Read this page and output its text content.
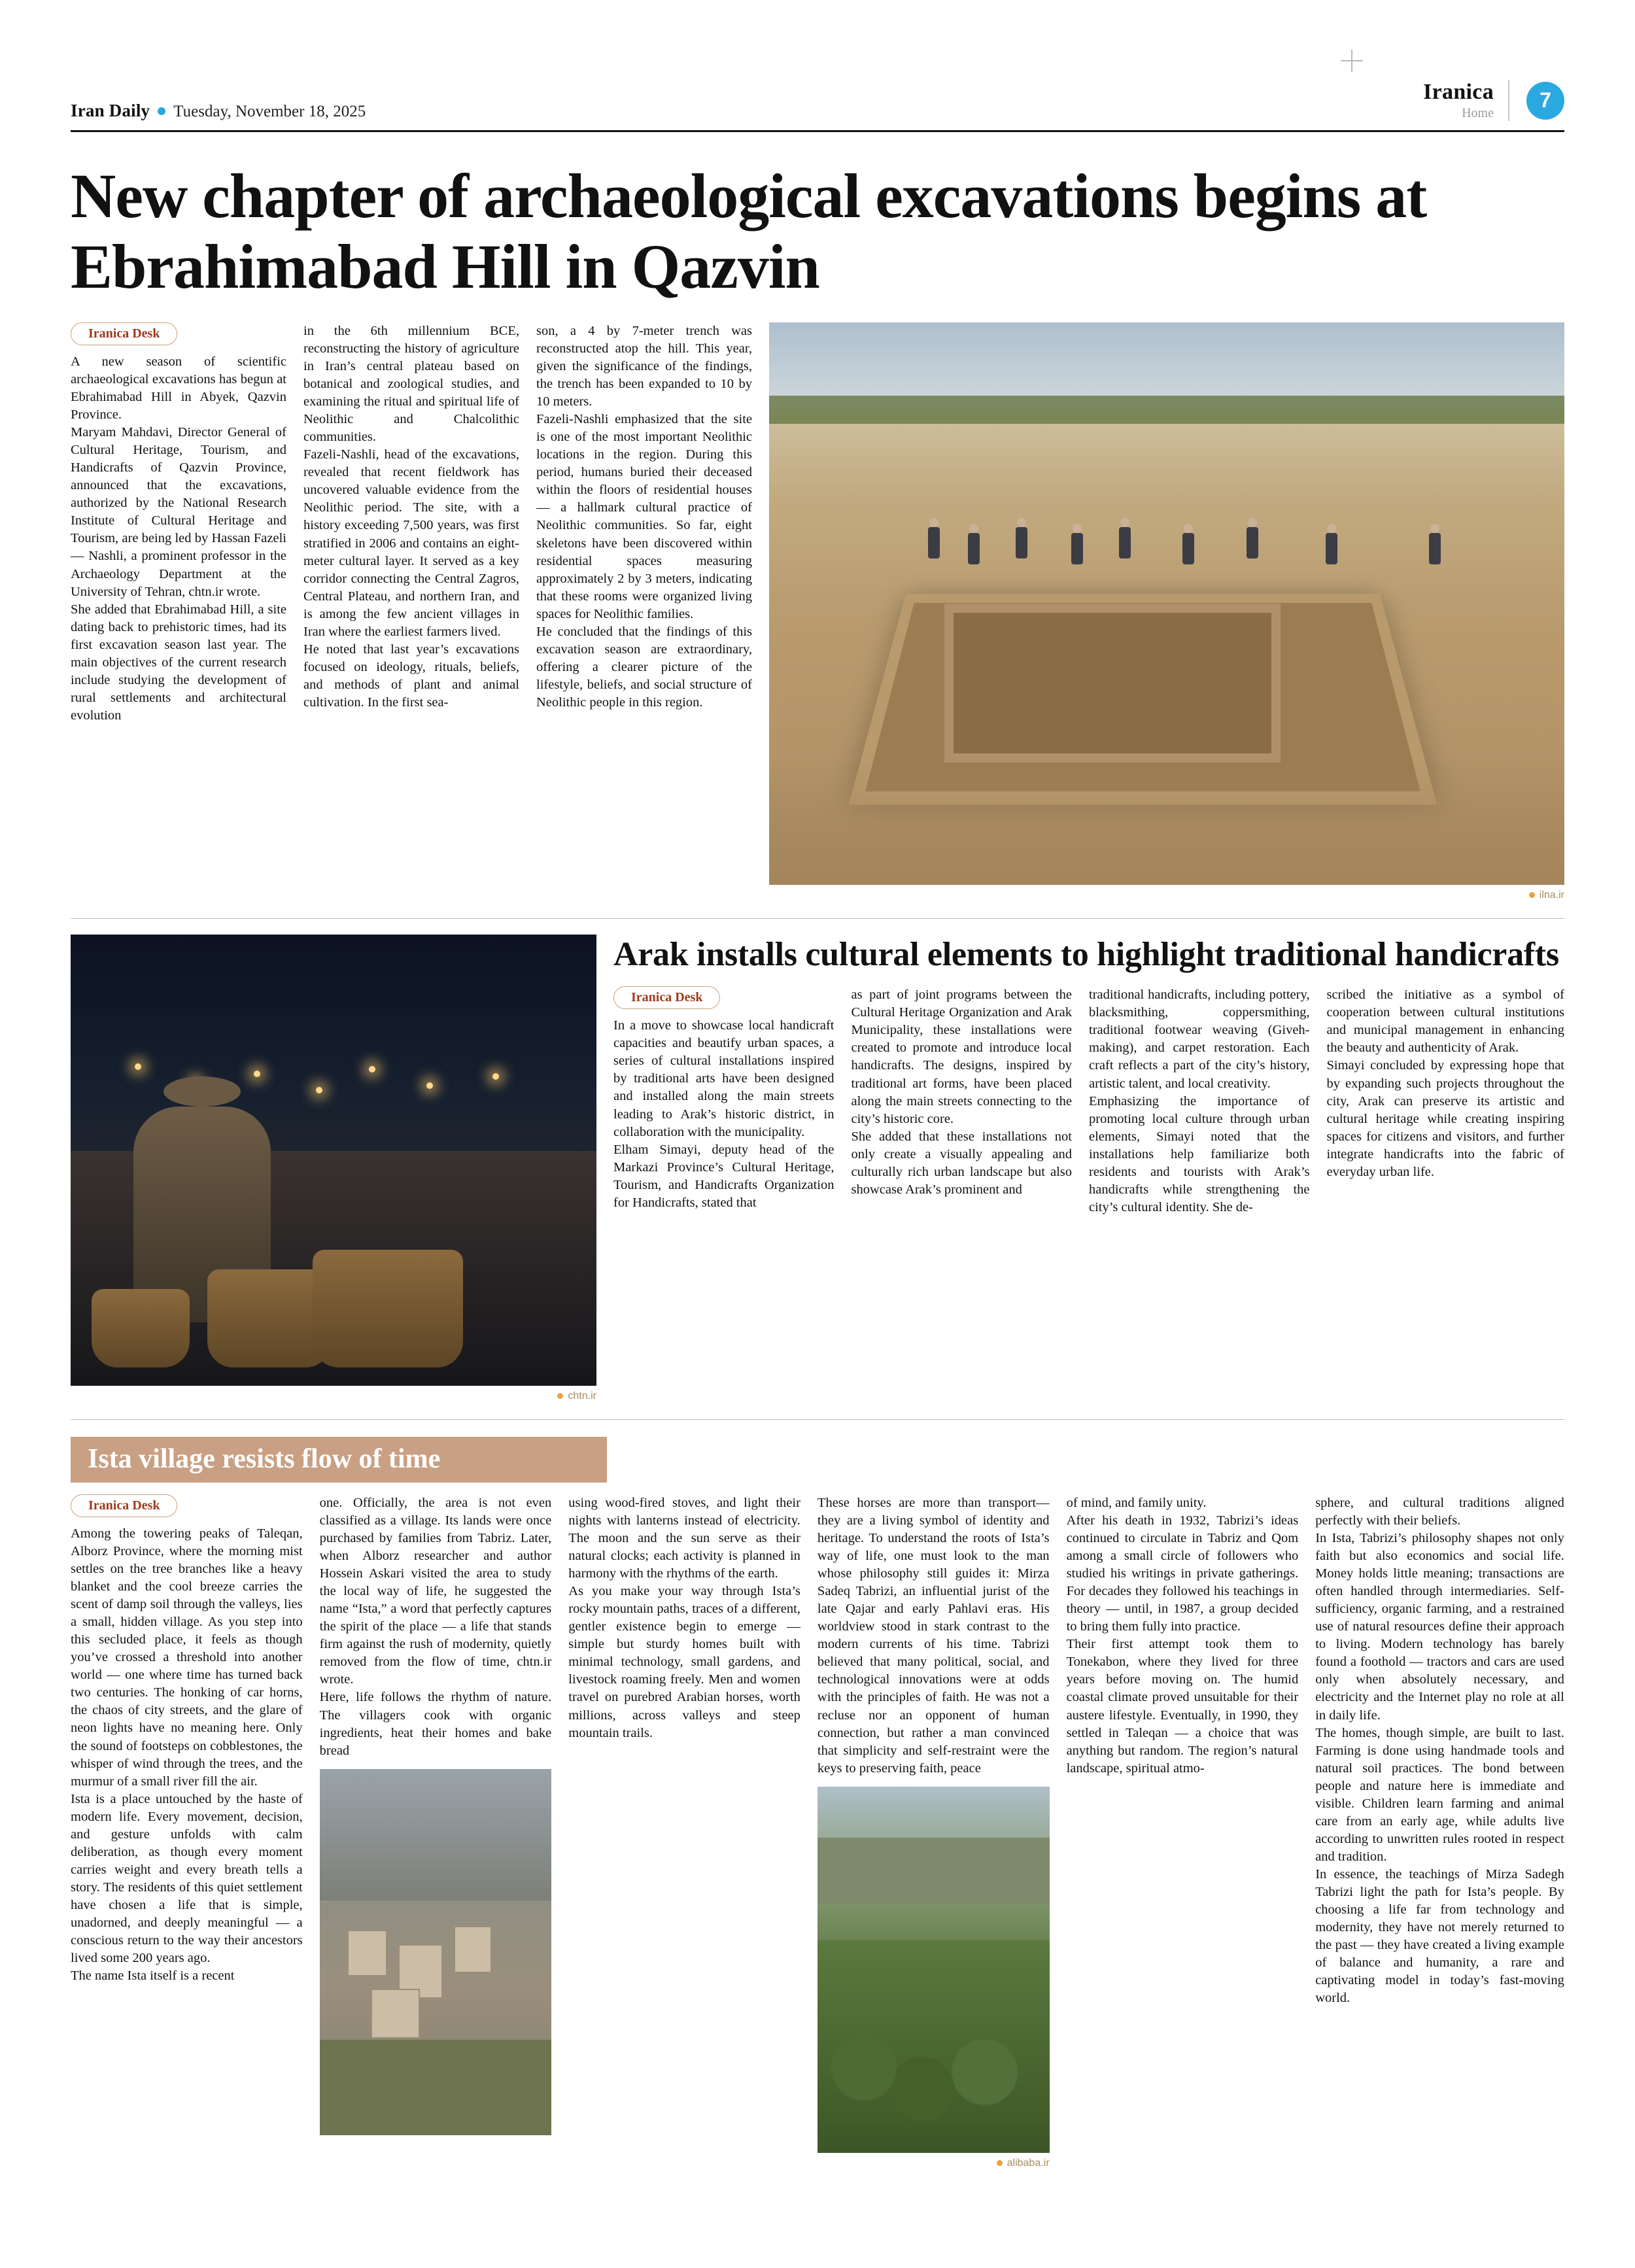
Iran Daily Tuesday, November 18, 2025
Iranica
Home
7
New chapter of archaeological excavations begins at Ebrahimabad Hill in Qazvin
Iranica Desk

A new season of scientific archaeological excavations has begun at Ebrahimabad Hill in Abyek, Qazvin Province.

Maryam Mahdavi, Director General of Cultural Heritage, Tourism, and Handicrafts of Qazvin Province, announced that the excavations, authorized by the National Research Institute of Cultural Heritage and Tourism, are being led by Hassan Fazeli — Nashli, a prominent professor in the Archaeology Department at the University of Tehran, chtn.ir wrote.

She added that Ebrahimabad Hill, a site dating back to prehistoric times, had its first excavation season last year. The main objectives of the current research include studying the development of rural settlements and architectural evolution

in the 6th millennium BCE, reconstructing the history of agriculture in Iran’s central plateau based on botanical and zoological studies, and examining the ritual and spiritual life of Neolithic and Chalcolithic communities.

Fazeli-Nashli, head of the excavations, revealed that recent fieldwork has uncovered valuable evidence from the Neolithic period. The site, with a history exceeding 7,500 years, was first stratified in 2006 and contains an eight-meter cultural layer. It served as a key corridor connecting the Central Zagros, Central Plateau, and northern Iran, and is among the few ancient villages in Iran where the earliest farmers lived.

He noted that last year’s excavations focused on ideology, rituals, beliefs, and methods of plant and animal cultivation. In the first sea-

son, a 4 by 7-meter trench was reconstructed atop the hill. This year, given the significance of the findings, the trench has been expanded to 10 by 10 meters.

Fazeli-Nashli emphasized that the site is one of the most important Neolithic locations in the region. During this period, humans buried their deceased within the floors of residential houses — a hallmark cultural practice of Neolithic communities. So far, eight skeletons have been discovered within residential spaces measuring approximately 2 by 3 meters, indicating that these rooms were organized living spaces for Neolithic families.

He concluded that the findings of this excavation season are extraordinary, offering a clearer picture of the lifestyle, beliefs, and social structure of Neolithic people in this region.

ilna.ir
chtn.ir
Arak installs cultural elements to highlight traditional handicrafts
Iranica Desk

In a move to showcase local handicraft capacities and beautify urban spaces, a series of cultural installations inspired by traditional arts have been designed and installed along the main streets leading to Arak’s historic district, in collaboration with the municipality.

Elham Simayi, deputy head of the Markazi Province’s Cultural Heritage, Tourism, and Handicrafts Organization for Handicrafts, stated that

as part of joint programs between the Cultural Heritage Organization and Arak Municipality, these installations were created to promote and introduce local handicrafts. The designs, inspired by traditional art forms, have been placed along the main streets connecting to the city’s historic core.

She added that these installations not only create a visually appealing and culturally rich urban landscape but also showcase Arak’s prominent and

traditional handicrafts, including pottery, blacksmithing, coppersmithing, traditional footwear weaving (Giveh-making), and carpet restoration. Each craft reflects a part of the city’s history, artistic talent, and local creativity.

Emphasizing the importance of promoting local culture through urban elements, Simayi noted that the installations help familiarize both residents and tourists with Arak’s handicrafts while strengthening the city’s cultural identity. She de-

scribed the initiative as a symbol of cooperation between cultural institutions and municipal management in enhancing the beauty and authenticity of Arak.

Simayi concluded by expressing hope that by expanding such projects throughout the city, Arak can preserve its artistic and cultural heritage while creating inspiring spaces for citizens and visitors, and further integrate handicrafts into the fabric of everyday urban life.

Ista village resists flow of time
Iranica Desk

Among the towering peaks of Taleqan, Alborz Province, where the morning mist settles on the tree branches like a heavy blanket and the cool breeze carries the scent of damp soil through the valleys, lies a small, hidden village. As you step into this secluded place, it feels as though you’ve crossed a threshold into another world — one where time has turned back two centuries. The honking of car horns, the chaos of city streets, and the glare of neon lights have no meaning here. Only the sound of footsteps on cobblestones, the whisper of wind through the trees, and the murmur of a small river fill the air.

Ista is a place untouched by the haste of modern life. Every movement, decision, and gesture unfolds with calm deliberation, as though every moment carries weight and every breath tells a story. The residents of this quiet settlement have chosen a life that is simple, unadorned, and deeply meaningful — a conscious return to the way their ancestors lived some 200 years ago.

The name Ista itself is a recent

one. Officially, the area is not even classified as a village. Its lands were once purchased by families from Tabriz. Later, when Alborz researcher and author Hossein Askari visited the area to study the local way of life, he suggested the name “Ista,” a word that perfectly captures the spirit of the place — a life that stands firm against the rush of modernity, quietly removed from the flow of time, chtn.ir wrote.

Here, life follows the rhythm of nature. The villagers cook with organic ingredients, heat their homes and bake bread

using wood-fired stoves, and light their nights with lanterns instead of electricity. The moon and the sun serve as their natural clocks; each activity is planned in harmony with the rhythms of the earth.

As you make your way through Ista’s rocky mountain paths, traces of a different, gentler existence begin to emerge — simple but sturdy homes built with minimal technology, small gardens, and livestock roaming freely. Men and women travel on purebred Arabian horses, worth millions, across valleys and steep mountain trails.

These horses are more than transport—they are a living symbol of identity and heritage. To understand the roots of Ista’s way of life, one must look to the man whose philosophy still guides it: Mirza Sadeq Tabrizi, an influential jurist of the late Qajar and early Pahlavi eras. His worldview stood in stark contrast to the modern currents of his time. Tabrizi believed that many political, social, and technological innovations were at odds with the principles of faith. He was not a recluse nor an opponent of human connection, but rather a man convinced that simplicity and self-restraint were the keys to preserving faith, peace

alibaba.ir

of mind, and family unity.

After his death in 1932, Tabrizi’s ideas continued to circulate in Tabriz and Qom among a small circle of followers who studied his writings in private gatherings. For decades they followed his teachings in theory — until, in 1987, a group decided to bring them fully into practice.

Their first attempt took them to Tonekabon, where they lived for three years before moving on. The humid coastal climate proved unsuitable for their austere lifestyle. Eventually, in 1990, they settled in Taleqan — a choice that was anything but random. The region’s natural landscape, spiritual atmo-

sphere, and cultural traditions aligned perfectly with their beliefs.

In Ista, Tabrizi’s philosophy shapes not only faith but also economics and social life. Money holds little meaning; transactions are often handled through intermediaries. Self-sufficiency, organic farming, and a restrained use of natural resources define their approach to living. Modern technology has barely found a foothold — tractors and cars are used only when absolutely necessary, and electricity and the Internet play no role at all in daily life.

The homes, though simple, are built to last. Farming is done using handmade tools and natural soil practices. The bond between people and nature here is immediate and visible. Children learn farming and animal care from an early age, while adults live according to unwritten rules rooted in respect and tradition.

In essence, the teachings of Mirza Sadegh Tabrizi light the path for Ista’s people. By choosing a life far from technology and modernity, they have not merely returned to the past — they have created a living example of balance and humanity, a rare and captivating model in today’s fast-moving world.
